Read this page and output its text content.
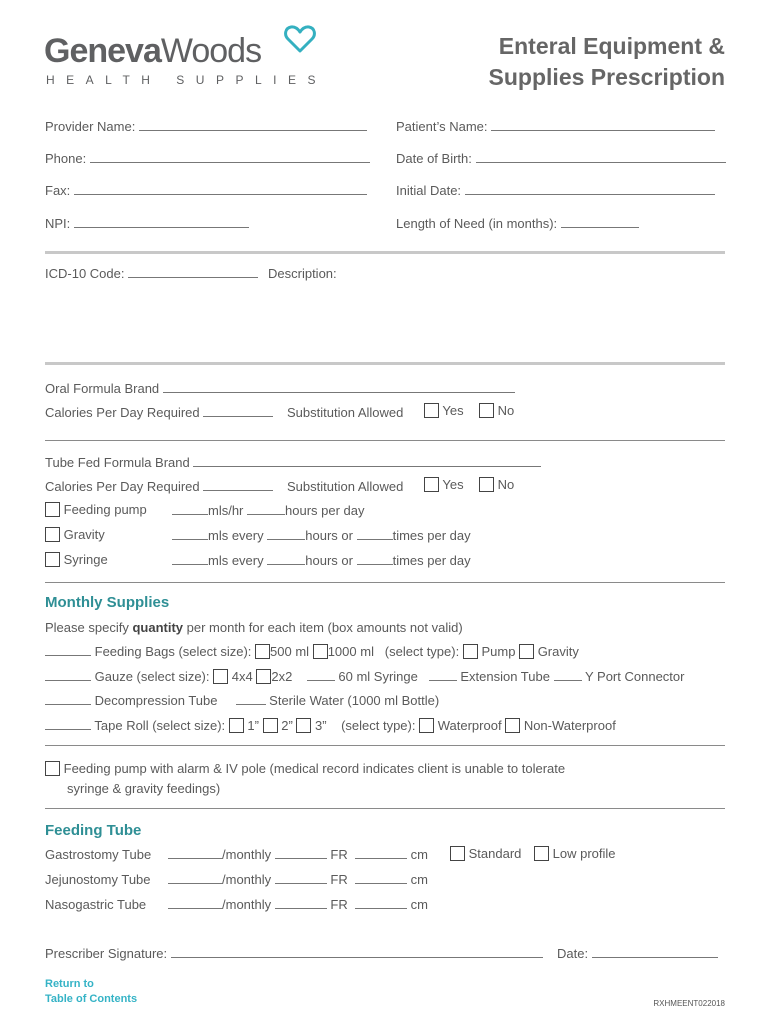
GenevaWoods
HEALTH SUPPLIES
Enteral Equipment &
Supplies Prescription
Provider Name:	Patient’s Name:
Phone:	Date of Birth:
Fax:	Initial Date:
NPI:	Length of Need (in months):
ICD-10 Code:	Description:
Oral Formula Brand
Calories Per Day Required	Substitution Allowed	Yes	No
Tube Fed Formula Brand
Calories Per Day Required	Substitution Allowed	Yes	No
Feeding pump	mls/hr	hours per day
Gravity	mls every	hours or	times per day
Syringe	mls every	hours or	times per day
Monthly Supplies
Please specify quantity per month for each item (box amounts not valid)
Feeding Bags (select size): 500 ml 1000 ml (select type): Pump Gravity
Gauze (select size): 4x4 2x2	60 ml Syringe	Extension Tube	Y Port Connector
Decompression Tube	Sterile Water (1000 ml Bottle)
Tape Roll (select size): 1” 2” 3” (select type): Waterproof Non-Waterproof
Feeding pump with alarm & IV pole (medical record indicates client is unable to tolerate
syringe & gravity feedings)
Feeding Tube
Gastrostomy Tube	/monthly	FR	cm	Standard	Low profile
Jejunostomy Tube	/monthly	FR	cm
Nasogastric Tube	/monthly	FR	cm
Prescriber Signature:	Date:
Return to
Table of Contents	RXHMEENT022018
